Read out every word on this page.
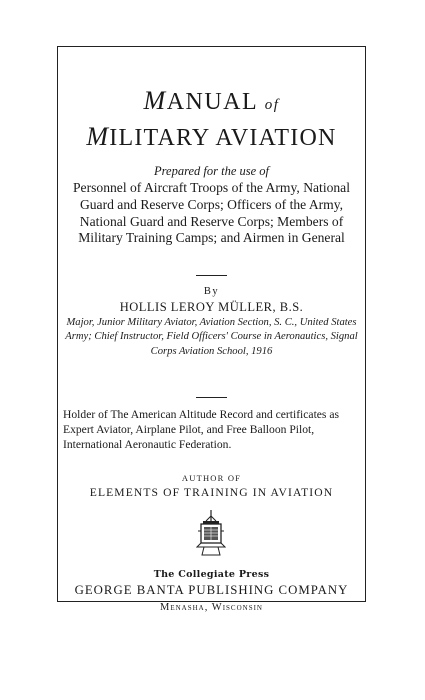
MANUAL of
MILITARY AVIATION
Prepared for the use of
Personnel of Aircraft Troops of the Army, National Guard and Reserve Corps; Officers of the Army, National Guard and Reserve Corps; Members of Military Training Camps; and Airmen in General
By
HOLLIS LEROY MÜLLER, B.S.
Major, Junior Military Aviator, Aviation Section, S. C., United States Army; Chief Instructor, Field Officers' Course in Aeronautics, Signal Corps Aviation School, 1916
Holder of The American Altitude Record and certificates as Expert Aviator, Airplane Pilot, and Free Balloon Pilot, International Aeronautic Federation.
AUTHOR OF
ELEMENTS OF TRAINING IN AVIATION
The Collegiate Press
GEORGE BANTA PUBLISHING COMPANY
Menasha, Wisconsin
